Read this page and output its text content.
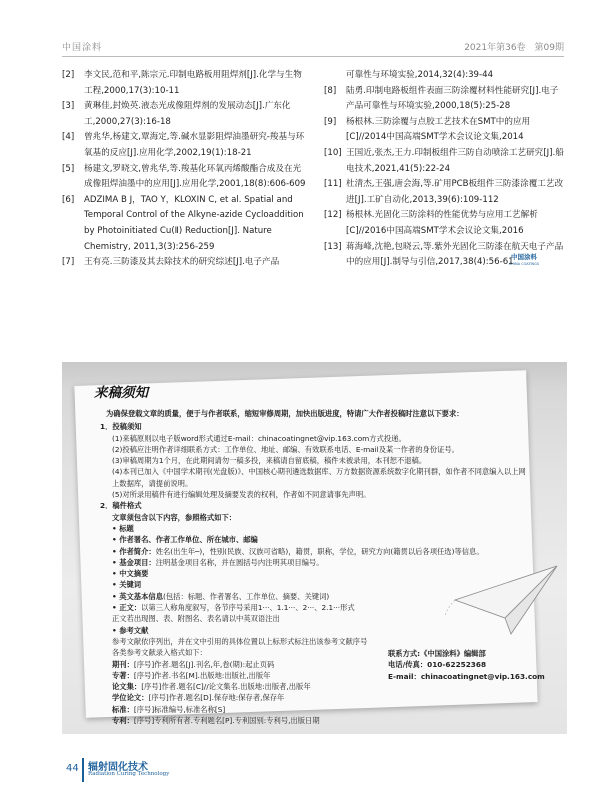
中国涂料	2021年第36卷　第09期
[2] 李文民,范和平,陈宗元.印制电路板用阻焊剂[J].化学与生物工程,2000,17(3):10-11
[3] 黄琳佳,封焕英.液态光成像阻焊剂的发展动态[J].广东化工,2000,27(3):16-18
[4] 曾兆华,杨建文,覃海定,等.碱水显影阻焊油墨研究-羧基与环氧基的反应[J].应用化学,2002,19(1):18-21
[5] 杨建文,罗晓文,曾兆华,等.羧基化环氧丙烯酸酯合成及在光成像阻焊油墨中的应用[J].应用化学,2001,18(8):606-609
[6] ADZIMA B J，TAO Y，KLOXIN C, et al. Spatial and Temporal Control of the Alkyne-azide Cycloaddition by Photoinitiated Cu(Ⅱ) Reduction[J]. Nature Chemistry, 2011,3(3):256-259
[7] 王有亮.三防漆及其去除技术的研究综述[J].电子产品
可靠性与环境实验,2014,32(4):39-44
[8] 陆勇.印制电路板组件表面三防涂覆材料性能研究[J].电子产品可靠性与环境实验,2000,18(5):25-28
[9] 杨根林.三防涂覆与点胶工艺技术在SMT中的应用[C]//2014中国高端SMT学术会议论文集,2014
[10] 王国近,张杰,王力.印制板组件三防自动喷涂工艺研究[J].船电技术,2021,41(5):22-24
[11] 杜清杰,王强,唐会海,等.矿用PCB板组件三防漆涂覆工艺改进[J].工矿自动化,2013,39(6):109-112
[12] 杨根林.光固化三防涂料的性能优势与应用工艺解析[C]//2016中国高端SMT学术会议论文集,2016
[13] 蒋海峰,沈艳,包晓云,等.紫外光固化三防漆在航天电子产品中的应用[J].制导与引信,2017,38(4):56-61
中国涂料
CHINA COATINGS
来稿须知
为确保登载文章的质量，便于与作者联系，缩短审修周期，加快出版进度，特请广大作者投稿时注意以下要求：
1．投稿须知
(1)来稿原则以电子版word形式通过E-mail：chinacoatingnet@vip.163.com方式投递。
(2)投稿应注明作者详细联系方式：工作单位、地址、邮编、有效联系电话、E-mail及某一作者的身份证号。
(3)审稿周期为1个月，在此期间请勿一稿多投，来稿请自留底稿，稿件未被录用，本刊恕不退稿。
(4)本刊已加入《中国学术期刊(光盘版)》、中国核心期刊遴选数据库、万方数据资源系统数字化期刊群，如作者不同意编入以上网上数据库，请提前说明。
(5)对所录用稿件有进行编辑处理及摘要发表的权利，作者如不同意请事先声明。
2．稿件格式
文章须包含以下内容，参照格式如下：
• 标题
• 作者署名、作者工作单位、所在城市、邮编
• 作者简介：姓名(出生年─)，性别(民族、汉族可省略)，籍贯，职称，学位，研究方向(籍贯以后各项任选)等信息。
• 基金项目：注明基金项目名称，并在圆括号内注明其项目编号。
• 中文摘要
• 关键词
• 英文基本信息(包括：标题、作者署名、工作单位、摘要、关键词)
• 正文：以第三人称角度叙写，各节序号采用1···、1.1···、2···、2.1···形式
正文若出现图、表、附图名、表名请以中英双语注出
• 参考文献
参考文献依序列出，并在文中引用的具体位置以上标形式标注出该参考文献序号
各类参考文献录入格式如下：
期刊：[序号]作者.题名[J].刊名,年,卷(期):起止页码
专著：[序号]作者.书名[M].出版地:出版社,出版年
论文集：[序号]作者.题名[C]//论文集名.出版地:出版者,出版年
学位论文：[序号]作者.题名[D].保存地:保存者,保存年
标准：[序号]标准编号,标准名称[S]
专利：[序号]专利所有者.专利题名[P].专利国别:专利号,出版日期
联系方式:《中国涂料》编辑部
电话/传真：010-62252368
E-mail：chinacoatingnet@vip.163.com
44 辐射固化技术
Radiation Curing Technology
